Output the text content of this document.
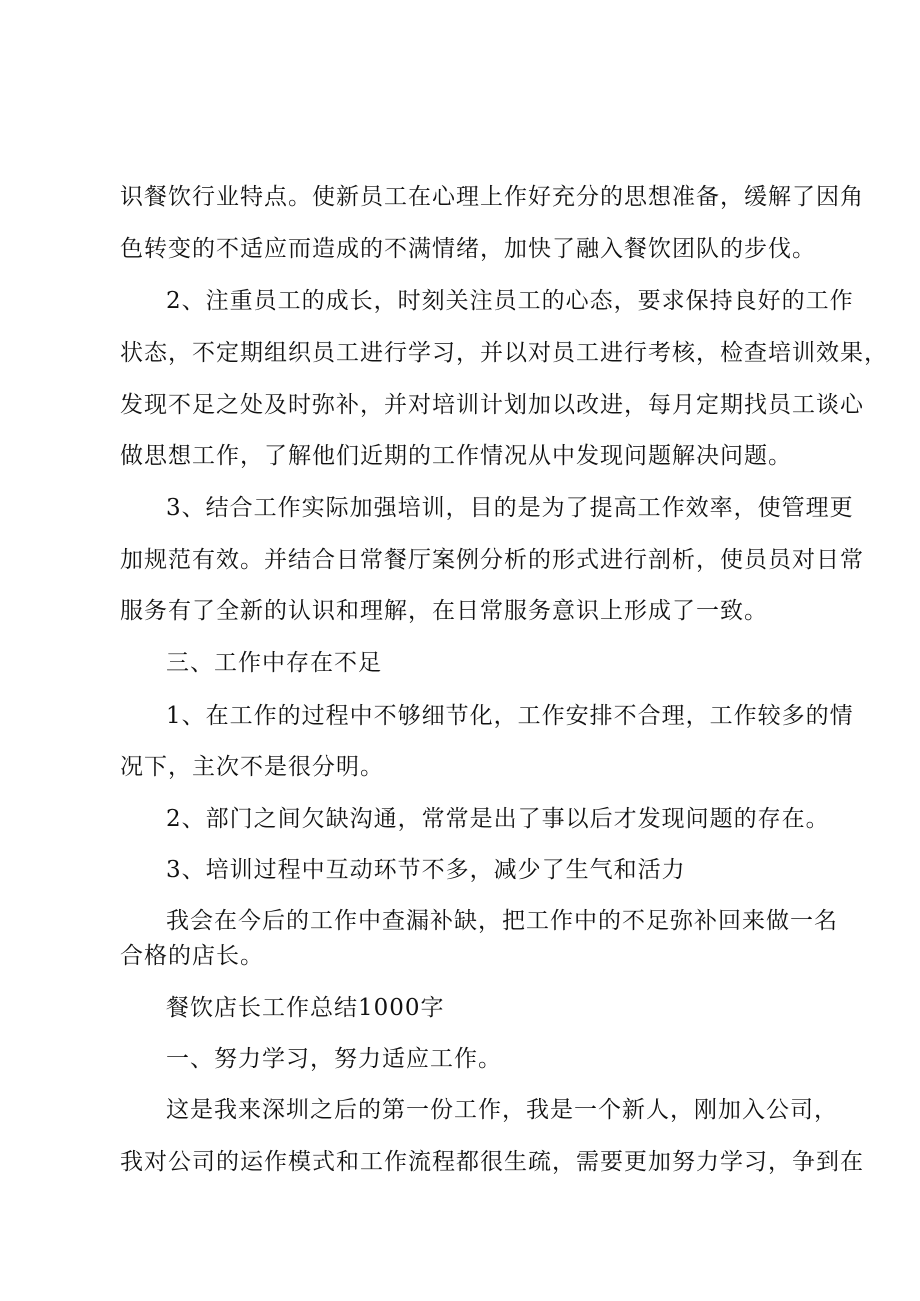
识餐饮行业特点。使新员工在心理上作好充分的思想准备，缓解了因角
色转变的不适应而造成的不满情绪，加快了融入餐饮团队的步伐。
2、注重员工的成长，时刻关注员工的心态，要求保持良好的工作
状态，不定期组织员工进行学习，并以对员工进行考核，检查培训效果，
发现不足之处及时弥补，并对培训计划加以改进，每月定期找员工谈心
做思想工作，了解他们近期的工作情况从中发现问题解决问题。
3、结合工作实际加强培训，目的是为了提高工作效率，使管理更
加规范有效。并结合日常餐厅案例分析的形式进行剖析，使员员对日常
服务有了全新的认识和理解，在日常服务意识上形成了一致。
三、工作中存在不足
1、在工作的过程中不够细节化，工作安排不合理，工作较多的情
况下，主次不是很分明。
2、部门之间欠缺沟通，常常是出了事以后才发现问题的存在。
3、培训过程中互动环节不多，减少了生气和活力
我会在今后的工作中查漏补缺，把工作中的不足弥补回来做一名
合格的店长。
餐饮店长工作总结1000字
一、努力学习，努力适应工作。
这是我来深圳之后的第一份工作，我是一个新人，刚加入公司，
我对公司的运作模式和工作流程都很生疏，需要更加努力学习，争到在
